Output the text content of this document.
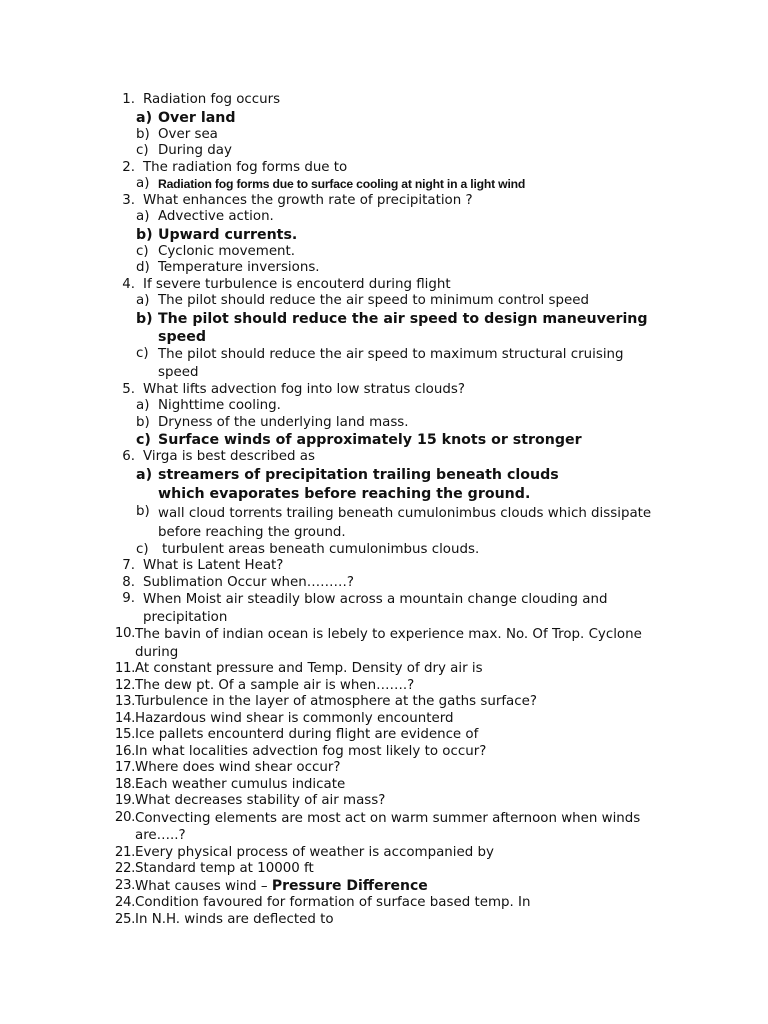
1. Radiation fog occurs
a) Over land
b) Over sea
c) During day
2. The radiation fog forms due to
a) Radiation fog forms due to surface cooling at night in a light wind
3. What enhances the growth rate of precipitation ?
a) Advective action.
b) Upward currents.
c) Cyclonic movement.
d) Temperature inversions.
4. If severe turbulence is encouterd during flight
a) The pilot should reduce the air speed to minimum control speed
b) The pilot should reduce the air speed to design maneuvering speed
c) The pilot should reduce the air speed to maximum structural cruising speed
5. What lifts advection fog into low stratus clouds?
a) Nighttime cooling.
b) Dryness of the underlying land mass.
c) Surface winds of approximately 15 knots or stronger
6. Virga is best described as
a) streamers of precipitation trailing beneath clouds which evaporates before reaching the ground.
b) wall cloud torrents trailing beneath cumulonimbus clouds which dissipate before reaching the ground.
c)	turbulent areas beneath cumulonimbus clouds.
7. What is Latent Heat?
8. Sublimation Occur when………?
9. When Moist air steadily blow across a mountain change clouding and precipitation
10. The bavin of indian ocean is lebely to experience max. No. Of Trop. Cyclone during
11. At constant pressure and Temp. Density of dry air is
12. The dew pt. Of a sample air is when…….?
13. Turbulence in the layer of atmosphere at the gaths surface?
14. Hazardous wind shear is commonly encounterd
15. Ice pallets encounterd during flight are evidence of
16. In what localities advection fog most likely to occur?
17. Where does wind shear occur?
18. Each weather cumulus indicate
19. What decreases stability of air mass?
20. Convecting elements are most act on warm summer afternoon when winds are…..?
21. Every physical process of weather is accompanied by
22. Standard temp at 10000 ft
23. What causes wind – Pressure Difference
24. Condition favoured for formation of surface based temp. In
25. In N.H. winds are deflected to
